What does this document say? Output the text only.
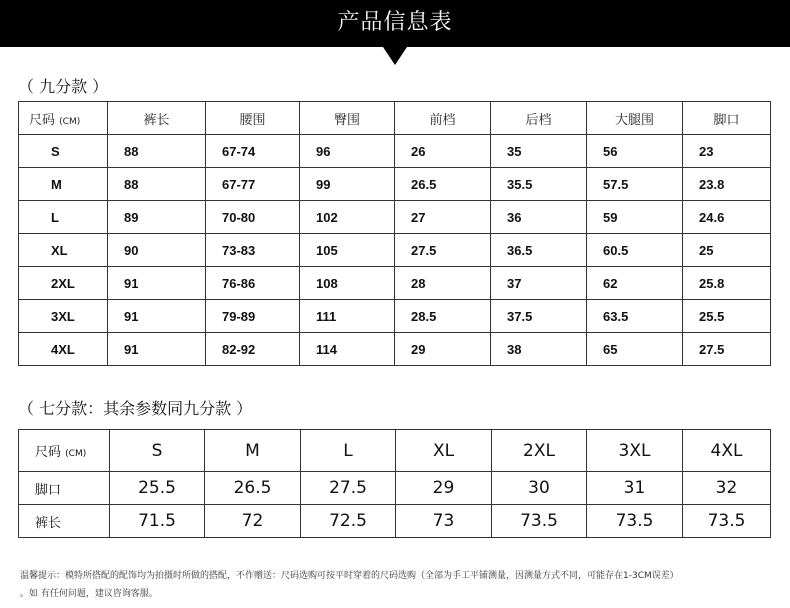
产品信息表
（ 九分款 ）
尺码 (CM)	裤长	腰围	臀围	前档	后档	大腿围	脚口
S	88	67-74	96	26	35	56	23
M	88	67-77	99	26.5	35.5	57.5	23.8
L	89	70-80	102	27	36	59	24.6
XL	90	73-83	105	27.5	36.5	60.5	25
2XL	91	76-86	108	28	37	62	25.8
3XL	91	79-89	111	28.5	37.5	63.5	25.5
4XL	91	82-92	114	29	38	65	27.5
（ 七分款：其余参数同九分款 ）
尺码 (CM)	S	M	L	XL	2XL	3XL	4XL
脚口	25.5	26.5	27.5	29	30	31	32
裤长	71.5	72	72.5	73	73.5	73.5	73.5
温馨提示：模特所搭配的配饰均为拍摄时所做的搭配，不作赠送：尺码选购可按平时穿着的尺码选购（全部为手工平铺测量，因测量方式不同，可能存在1-3CM误差）
。如 有任何问题，建议咨询客服。
